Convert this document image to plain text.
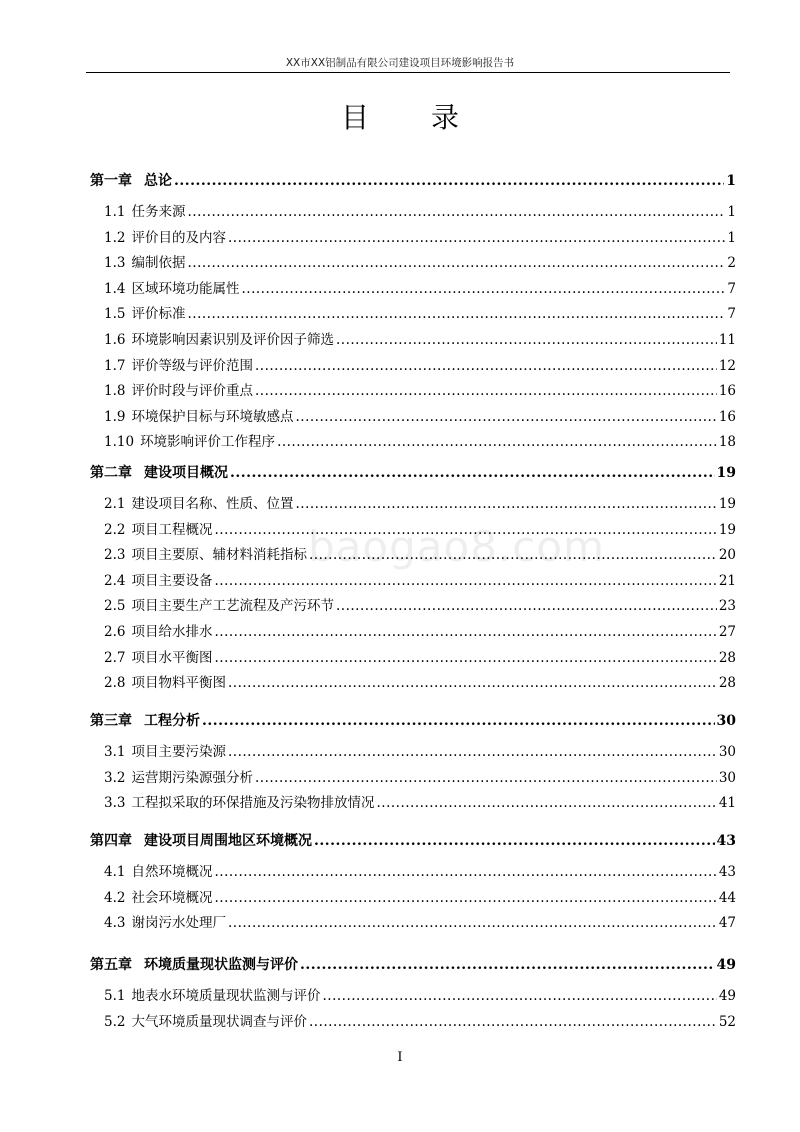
XX市XX铝制品有限公司建设项目环境影响报告书
目录
baogao8.com
第一章 总论 .....	1
1.1 任务来源 .....	1
1.2 评价目的及内容 .....	1
1.3 编制依据 .....	2
1.4 区域环境功能属性 .....	7
1.5 评价标准 .....	7
1.6 环境影响因素识别及评价因子筛选 .....	11
1.7 评价等级与评价范围 .....	12
1.8 评价时段与评价重点 .....	16
1.9 环境保护目标与环境敏感点 .....	16
1.10 环境影响评价工作程序 .....	18
第二章 建设项目概况 .....	19
2.1 建设项目名称、性质、位置 .....	19
2.2 项目工程概况 .....	19
2.3 项目主要原、辅材料消耗指标 .....	20
2.4 项目主要设备 .....	21
2.5 项目主要生产工艺流程及产污环节 .....	23
2.6 项目给水排水 .....	27
2.7 项目水平衡图 .....	28
2.8 项目物料平衡图 .....	28
第三章 工程分析 .....	30
3.1 项目主要污染源 .....	30
3.2 运营期污染源强分析 .....	30
3.3 工程拟采取的环保措施及污染物排放情况 .....	41
第四章 建设项目周围地区环境概况 .....	43
4.1 自然环境概况 .....	43
4.2 社会环境概况 .....	44
4.3 谢岗污水处理厂 .....	47
第五章 环境质量现状监测与评价 .....	49
5.1 地表水环境质量现状监测与评价 .....	49
5.2 大气环境质量现状调查与评价 .....	52
I
